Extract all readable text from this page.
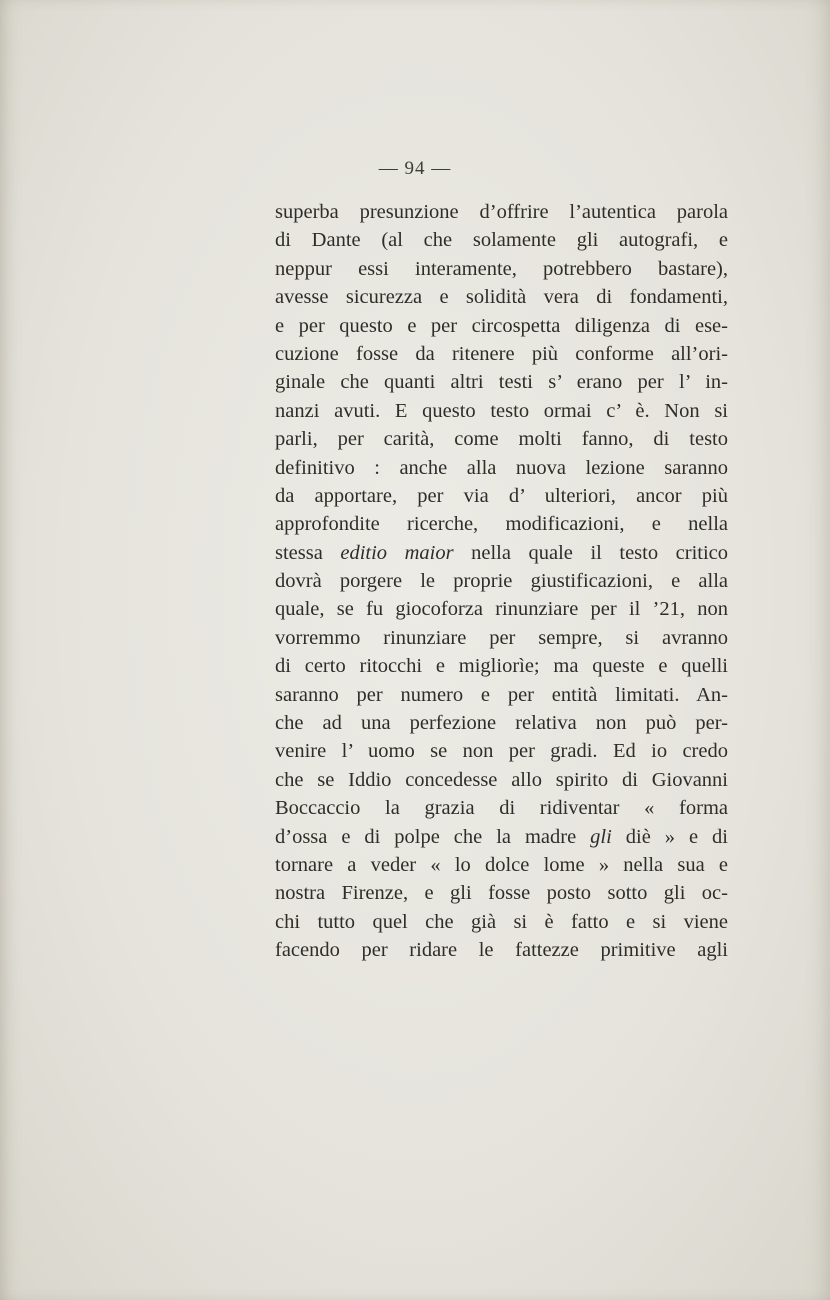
— 94 —
superba presunzione d’offrire l’autentica parola
di Dante (al che solamente gli autografi, e
neppur essi interamente, potrebbero bastare),
avesse sicurezza e solidità vera di fondamenti,
e per questo e per circospetta diligenza di ese-
cuzione fosse da ritenere più conforme all’ori-
ginale che quanti altri testi s’ erano per l’ in-
nanzi avuti. E questo testo ormai c’ è. Non si
parli, per carità, come molti fanno, di testo
definitivo : anche alla nuova lezione saranno
da apportare, per via d’ ulteriori, ancor più
approfondite ricerche, modificazioni, e nella
stessa editio maior nella quale il testo critico
dovrà porgere le proprie giustificazioni, e alla
quale, se fu giocoforza rinunziare per il ’21, non
vorremmo rinunziare per sempre, si avranno
di certo ritocchi e migliorìe; ma queste e quelli
saranno per numero e per entità limitati. An-
che ad una perfezione relativa non può per-
venire l’ uomo se non per gradi. Ed io credo
che se Iddio concedesse allo spirito di Giovanni
Boccaccio la grazia di ridiventar « forma
d’ossa e di polpe che la madre gli diè » e di
tornare a veder « lo dolce lome » nella sua e
nostra Firenze, e gli fosse posto sotto gli oc-
chi tutto quel che già si è fatto e si viene
facendo per ridare le fattezze primitive agli
